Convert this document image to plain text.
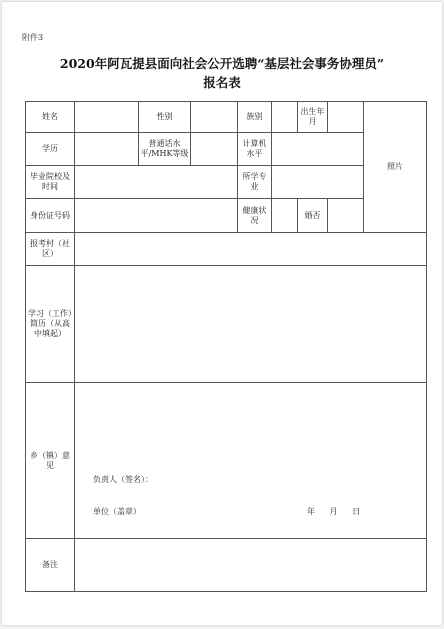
附件3
2020年阿瓦提县面向社会公开选聘“基层社会事务协理员”
报名表
姓名		性别		族别		出生年月		照片
学历		普通话水平/MHK等级		计算机水平				
毕业院校及时间				所学专业				
身份证号码				健康状况		婚否		
报考村（社区）								
学习（工作）简历（从高中填起）								
乡（镇）意见	负责人（签名）：
单位（盖章） 年 月 日							

备注								
